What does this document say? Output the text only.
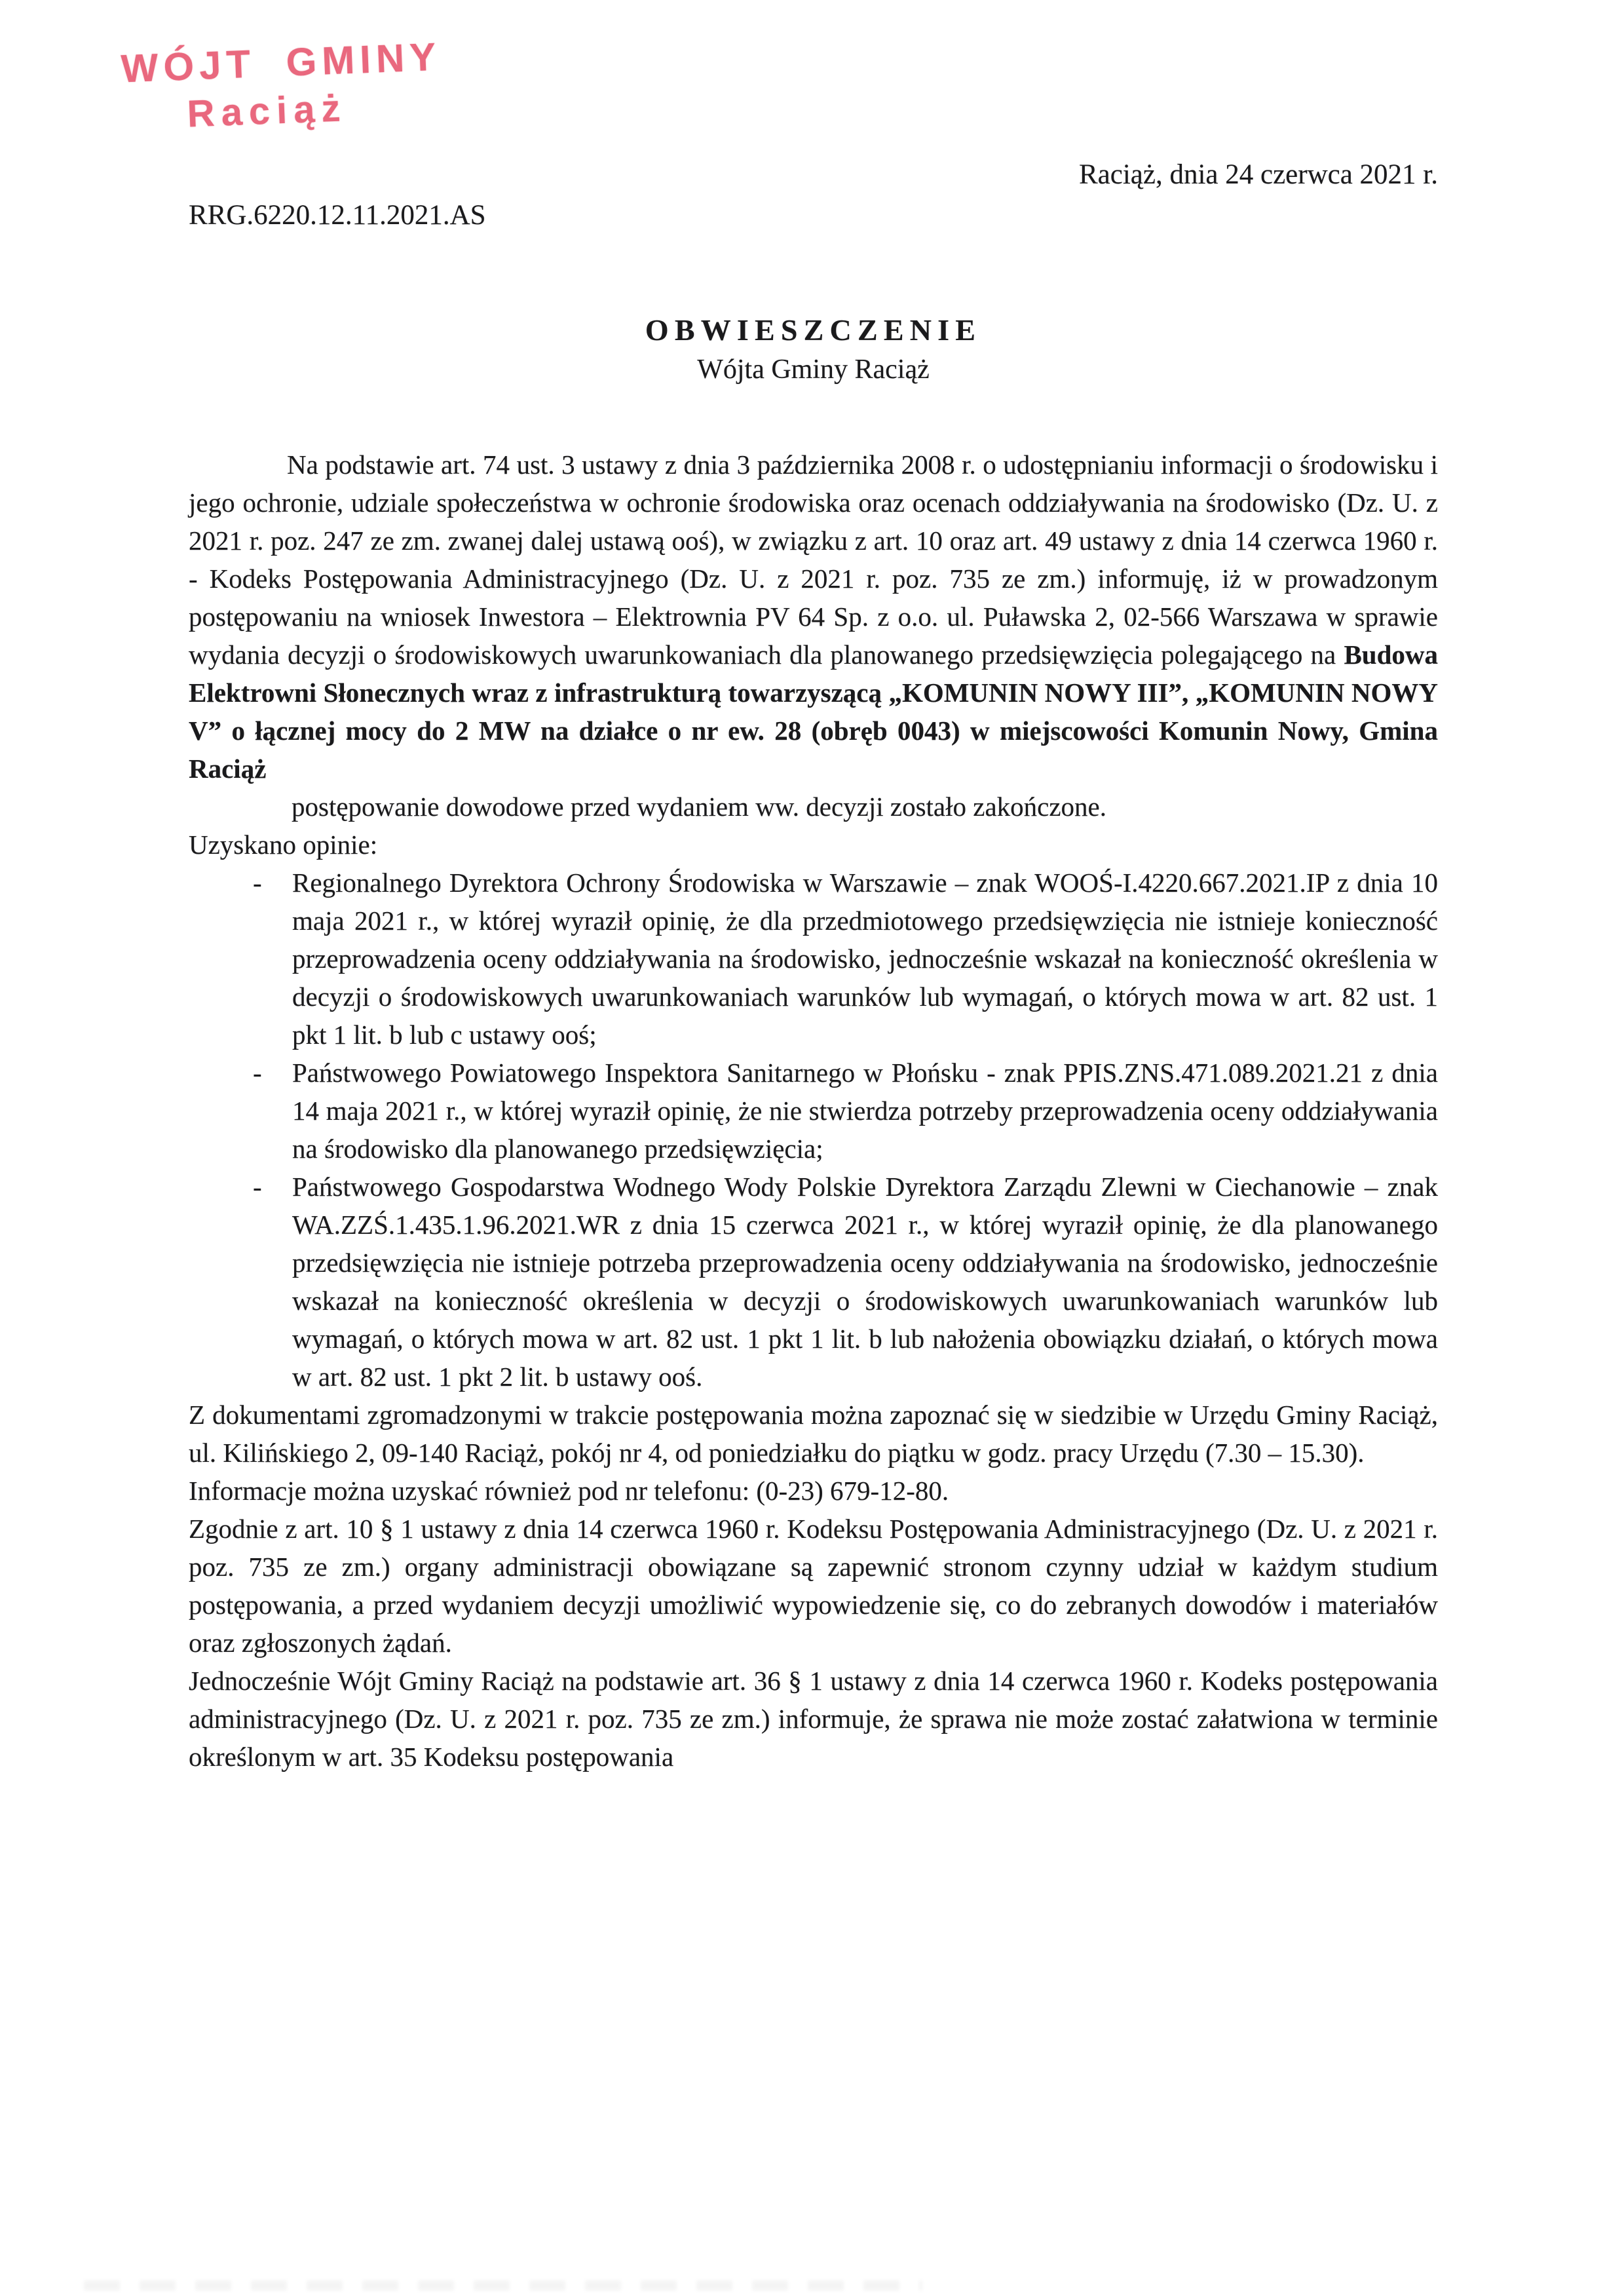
WÓJT GMINY
Raciąż
Raciąż, dnia 24 czerwca 2021 r.
RRG.6220.12.11.2021.AS
OBWIESZCZENIE
Wójta Gminy Raciąż

Na podstawie art. 74 ust. 3 ustawy z dnia 3 października 2008 r. o udostępnianiu informacji o środowisku i jego ochronie, udziale społeczeństwa w ochronie środowiska oraz ocenach oddziaływania na środowisko (Dz. U. z 2021 r. poz. 247 ze zm. zwanej dalej ustawą ooś), w związku z art. 10 oraz art. 49 ustawy z dnia 14 czerwca 1960 r. - Kodeks Postępowania Administracyjnego (Dz. U. z 2021 r. poz. 735 ze zm.) informuję, iż w prowadzonym postępowaniu na wniosek Inwestora – Elektrownia PV 64 Sp. z o.o. ul. Puławska 2, 02-566 Warszawa w sprawie wydania decyzji o środowiskowych uwarunkowaniach dla planowanego przedsięwzięcia polegającego na Budowa Elektrowni Słonecznych wraz z infrastrukturą towarzyszącą „KOMUNIN NOWY III”, „KOMUNIN NOWY V” o łącznej mocy do 2 MW na działce o nr ew. 28 (obręb 0043) w miejscowości Komunin Nowy, Gmina Raciąż

postępowanie dowodowe przed wydaniem ww. decyzji zostało zakończone.

Uzyskano opinie:

- Regionalnego Dyrektora Ochrony Środowiska w Warszawie – znak WOOŚ-I.4220.667.2021.IP z dnia 10 maja 2021 r., w której wyraził opinię, że dla przedmiotowego przedsięwzięcia nie istnieje konieczność przeprowadzenia oceny oddziaływania na środowisko, jednocześnie wskazał na konieczność określenia w decyzji o środowiskowych uwarunkowaniach warunków lub wymagań, o których mowa w art. 82 ust. 1 pkt 1 lit. b lub c ustawy ooś;
- Państwowego Powiatowego Inspektora Sanitarnego w Płońsku - znak PPIS.ZNS.471.089.2021.21 z dnia 14 maja 2021 r., w której wyraził opinię, że nie stwierdza potrzeby przeprowadzenia oceny oddziaływania na środowisko dla planowanego przedsięwzięcia;
- Państwowego Gospodarstwa Wodnego Wody Polskie Dyrektora Zarządu Zlewni w Ciechanowie – znak WA.ZZŚ.1.435.1.96.2021.WR z dnia 15 czerwca 2021 r., w której wyraził opinię, że dla planowanego przedsięwzięcia nie istnieje potrzeba przeprowadzenia oceny oddziaływania na środowisko, jednocześnie wskazał na konieczność określenia w decyzji o środowiskowych uwarunkowaniach warunków lub wymagań, o których mowa w art. 82 ust. 1 pkt 1 lit. b lub nałożenia obowiązku działań, o których mowa w art. 82 ust. 1 pkt 2 lit. b ustawy ooś.

Z dokumentami zgromadzonymi w trakcie postępowania można zapoznać się w siedzibie w Urzędu Gminy Raciąż, ul. Kilińskiego 2, 09-140 Raciąż, pokój nr 4, od poniedziałku do piątku w godz. pracy Urzędu (7.30 – 15.30).

Informacje można uzyskać również pod nr telefonu: (0-23) 679-12-80.

Zgodnie z art. 10 § 1 ustawy z dnia 14 czerwca 1960 r. Kodeksu Postępowania Administracyjnego (Dz. U. z 2021 r. poz. 735 ze zm.) organy administracji obowiązane są zapewnić stronom czynny udział w każdym studium postępowania, a przed wydaniem decyzji umożliwić wypowiedzenie się, co do zebranych dowodów i materiałów oraz zgłoszonych żądań.

Jednocześnie Wójt Gminy Raciąż na podstawie art. 36 § 1 ustawy z dnia 14 czerwca 1960 r. Kodeks postępowania administracyjnego (Dz. U. z 2021 r. poz. 735 ze zm.) informuje, że sprawa nie może zostać załatwiona w terminie określonym w art. 35 Kodeksu postępowania
